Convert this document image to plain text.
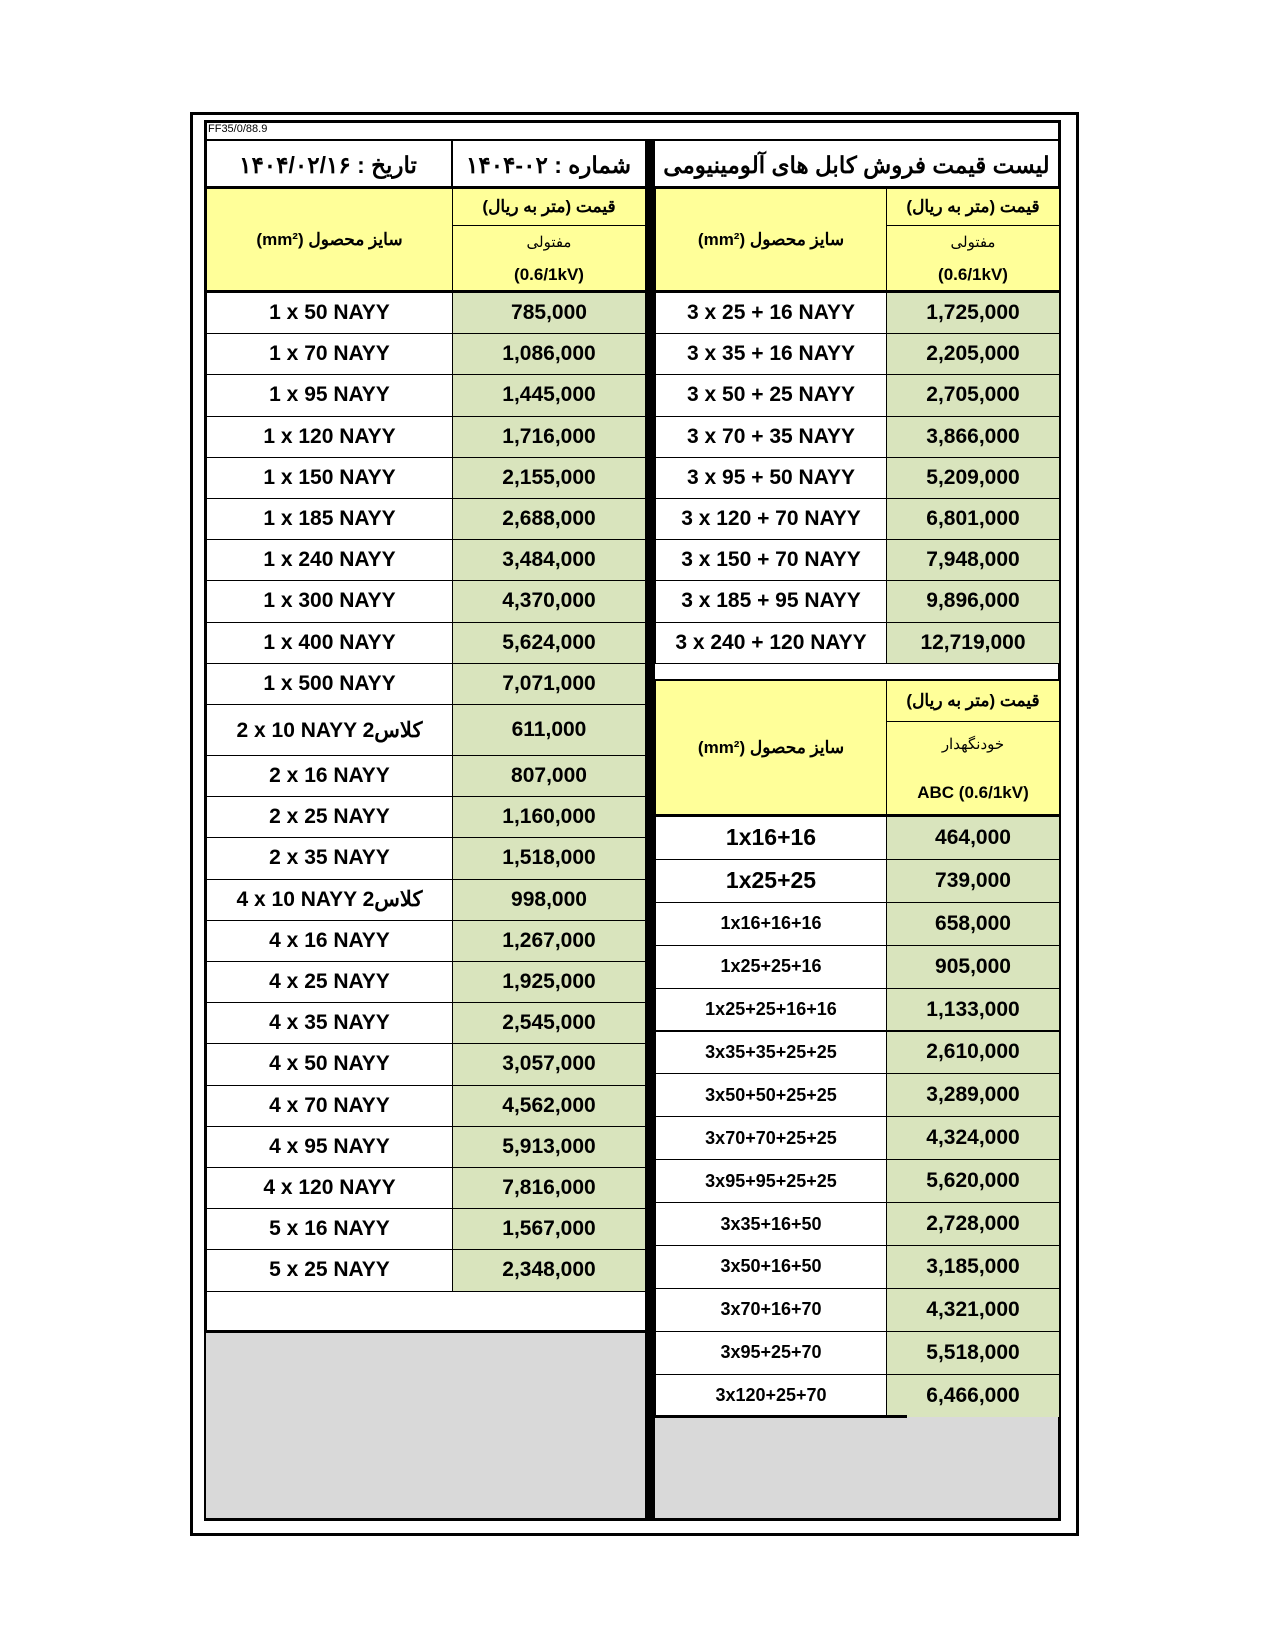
FF35/0/88.9
تاریخ : ۱۴۰۴/۰۲/۱۶	شماره : ۰۲-۱۴۰۴	لیست قیمت فروش کابل های آلومینیومی
سایز محصول (mm²)
قیمت (متر به ریال)
مفتولی
(0.6/1kV)
سایز محصول (mm²)
قیمت (متر به ریال)
مفتولی
(0.6/1kV)
1 x 50 NAYY	785,000
1 x 70 NAYY	1,086,000
1 x 95 NAYY	1,445,000
1 x 120 NAYY	1,716,000
1 x 150 NAYY	2,155,000
1 x 185 NAYY	2,688,000
1 x 240 NAYY	3,484,000
1 x 300 NAYY	4,370,000
1 x 400 NAYY	5,624,000
1 x 500 NAYY	7,071,000
2 x 10 NAYY 2کلاس	611,000
2 x 16 NAYY	807,000
2 x 25 NAYY	1,160,000
2 x 35 NAYY	1,518,000
4 x 10 NAYY 2کلاس	998,000
4 x 16 NAYY	1,267,000
4 x 25 NAYY	1,925,000
4 x 35 NAYY	2,545,000
4 x 50 NAYY	3,057,000
4 x 70 NAYY	4,562,000
4 x 95 NAYY	5,913,000
4 x 120 NAYY	7,816,000
5 x 16 NAYY	1,567,000
5 x 25 NAYY	2,348,000
3 x 25 + 16 NAYY	1,725,000
3 x 35 + 16 NAYY	2,205,000
3 x 50 + 25 NAYY	2,705,000
3 x 70 + 35 NAYY	3,866,000
3 x 95 + 50 NAYY	5,209,000
3 x 120 + 70 NAYY	6,801,000
3 x 150 + 70 NAYY	7,948,000
3 x 185 + 95 NAYY	9,896,000
3 x 240 + 120 NAYY	12,719,000
سایز محصول (mm²)
قیمت (متر به ریال)
خودنگهدار
ABC (0.6/1kV)
1x16+16	464,000
1x25+25	739,000
1x16+16+16	658,000
1x25+25+16	905,000
1x25+25+16+16	1,133,000
3x35+35+25+25	2,610,000
3x50+50+25+25	3,289,000
3x70+70+25+25	4,324,000
3x95+95+25+25	5,620,000
3x35+16+50	2,728,000
3x50+16+50	3,185,000
3x70+16+70	4,321,000
3x95+25+70	5,518,000
3x120+25+70	6,466,000
